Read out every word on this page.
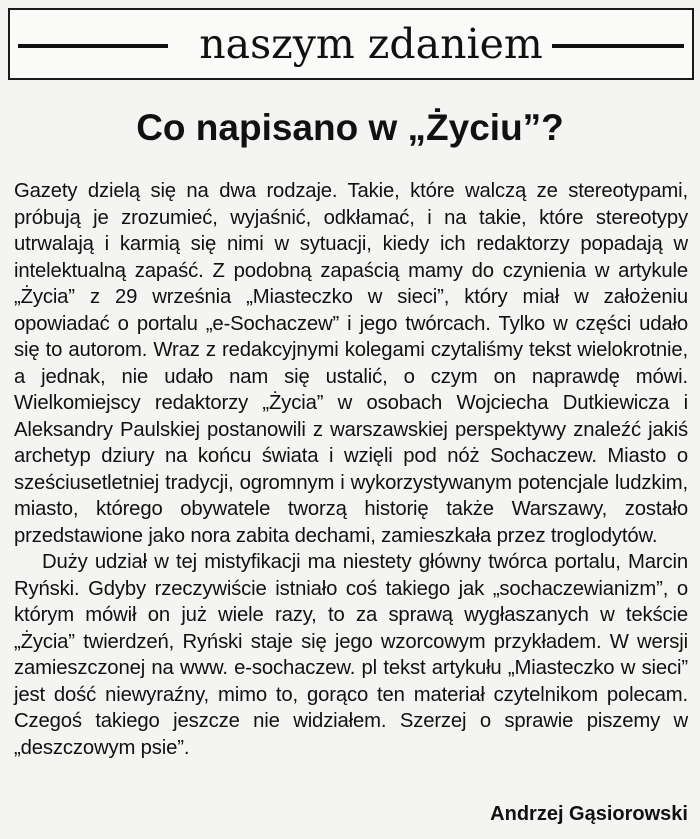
naszym zdaniem
Co napisano w „Życiu”?

Gazety dzielą się na dwa rodzaje. Takie, które walczą ze stereotypami, próbują je zrozumieć, wyjaśnić, odkłamać, i na takie, które stereotypy utrwalają i karmią się nimi w sytuacji, kiedy ich redaktorzy popadają w intelektualną zapaść. Z podobną zapaścią mamy do czynienia w artykule „Życia” z 29 września „Miasteczko w sieci”, który miał w założeniu opowiadać o portalu „e-Sochaczew” i jego twórcach. Tylko w części udało się to autorom. Wraz z redakcyjnymi kolegami czytaliśmy tekst wielokrotnie, a jednak, nie udało nam się ustalić, o czym on naprawdę mówi. Wielkomiejscy redaktorzy „Życia” w osobach Wojciecha Dutkiewicza i Aleksandry Paulskiej postanowili z warszawskiej perspektywy znaleźć jakiś archetyp dziury na końcu świata i wzięli pod nóż Sochaczew. Miasto o sześciusetletniej tradycji, ogromnym i wykorzystywanym potencjale ludzkim, miasto, którego obywatele tworzą historię także Warszawy, zostało przedstawione jako nora zabita dechami, zamieszkała przez troglodytów.

Duży udział w tej mistyfikacji ma niestety główny twórca portalu, Marcin Ryński. Gdyby rzeczywiście istniało coś takiego jak „sochaczewianizm”, o którym mówił on już wiele razy, to za sprawą wygłaszanych w tekście „Życia” twierdzeń, Ryński staje się jego wzorcowym przykładem. W wersji zamieszczonej na www. e-sochaczew. pl tekst artykułu „Miasteczko w sieci” jest dość niewyraźny, mimo to, gorąco ten materiał czytelnikom polecam. Czegoś takiego jeszcze nie widziałem. Szerzej o sprawie piszemy w „deszczowym psie”.

Andrzej Gąsiorowski
